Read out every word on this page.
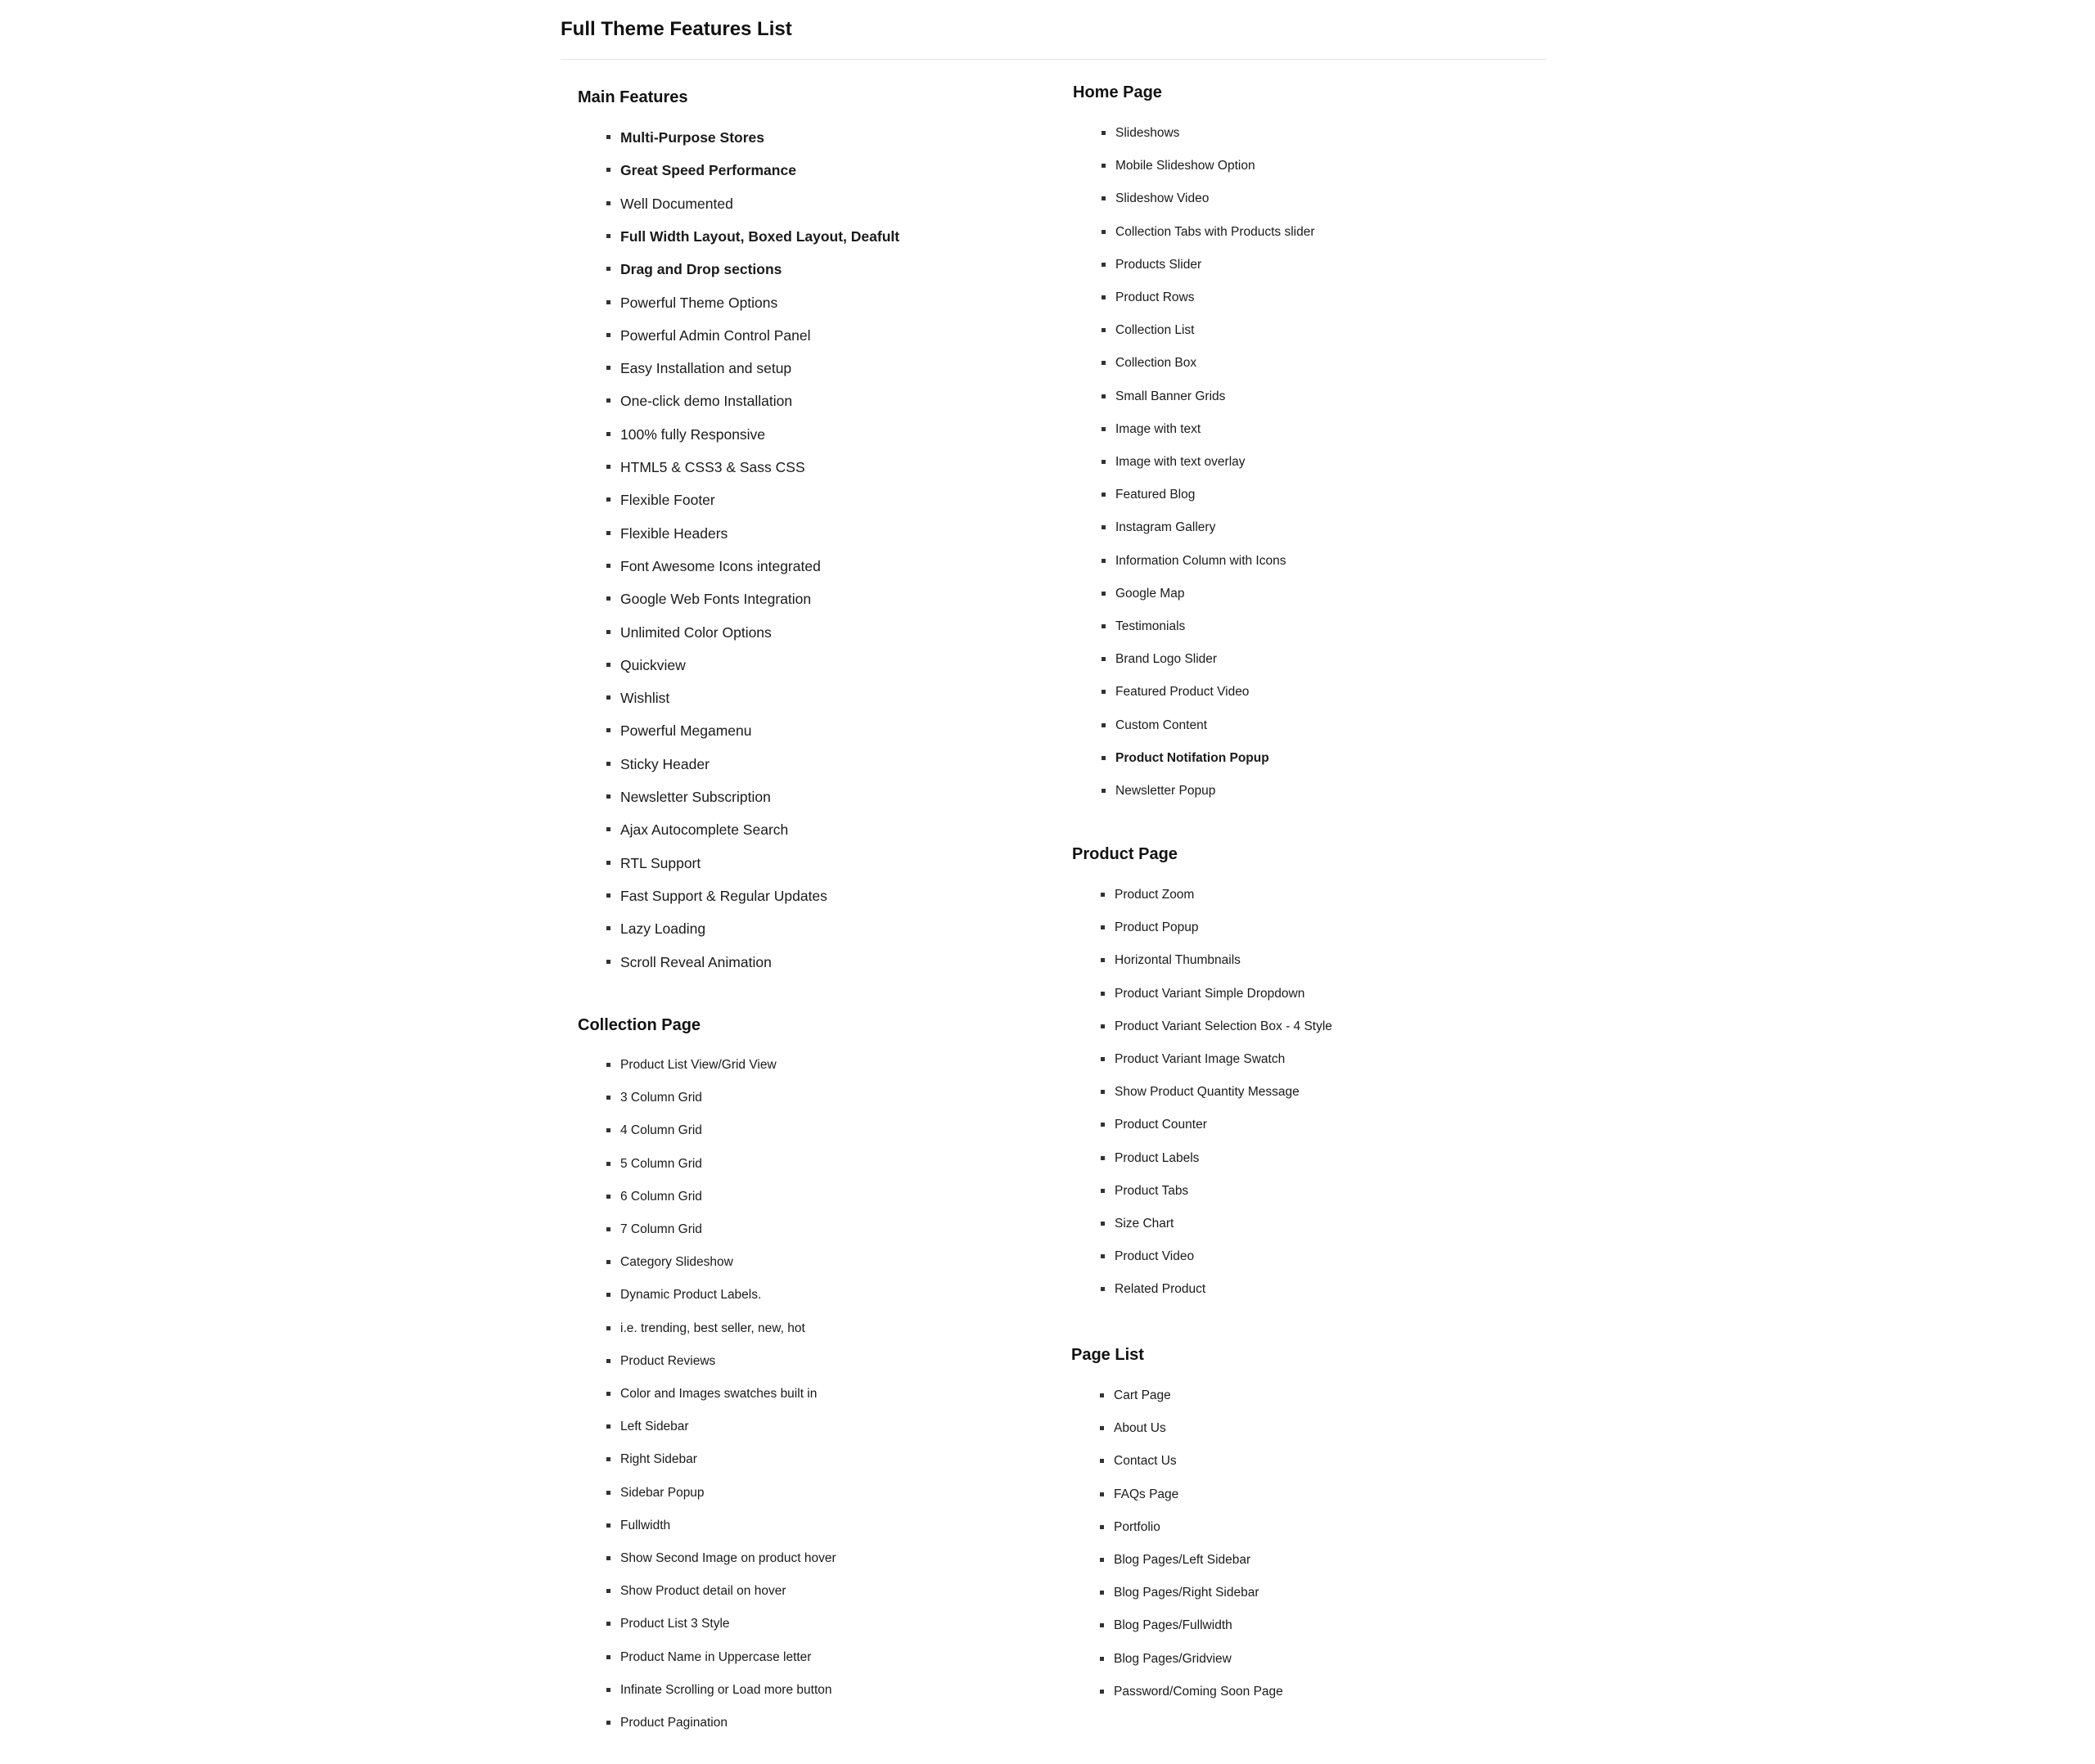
Full Theme Features List
Main Features
Multi-Purpose Stores
Great Speed Performance
Well Documented
Full Width Layout, Boxed Layout, Deafult
Drag and Drop sections
Powerful Theme Options
Powerful Admin Control Panel
Easy Installation and setup
One-click demo Installation
100% fully Responsive
HTML5 & CSS3 & Sass CSS
Flexible Footer
Flexible Headers
Font Awesome Icons integrated
Google Web Fonts Integration
Unlimited Color Options
Quickview
Wishlist
Powerful Megamenu
Sticky Header
Newsletter Subscription
Ajax Autocomplete Search
RTL Support
Fast Support & Regular Updates
Lazy Loading
Scroll Reveal Animation
Collection Page
Product List View/Grid View
3 Column Grid
4 Column Grid
5 Column Grid
6 Column Grid
7 Column Grid
Category Slideshow
Dynamic Product Labels.
i.e. trending, best seller, new, hot
Product Reviews
Color and Images swatches built in
Left Sidebar
Right Sidebar
Sidebar Popup
Fullwidth
Show Second Image on product hover
Show Product detail on hover
Product List 3 Style
Product Name in Uppercase letter
Infinate Scrolling or Load more button
Product Pagination
Home Page
Slideshows
Mobile Slideshow Option
Slideshow Video
Collection Tabs with Products slider
Products Slider
Product Rows
Collection List
Collection Box
Small Banner Grids
Image with text
Image with text overlay
Featured Blog
Instagram Gallery
Information Column with Icons
Google Map
Testimonials
Brand Logo Slider
Featured Product Video
Custom Content
Product Notifation Popup
Newsletter Popup
Product Page
Product Zoom
Product Popup
Horizontal Thumbnails
Product Variant Simple Dropdown
Product Variant Selection Box - 4 Style
Product Variant Image Swatch
Show Product Quantity Message
Product Counter
Product Labels
Product Tabs
Size Chart
Product Video
Related Product
Page List
Cart Page
About Us
Contact Us
FAQs Page
Portfolio
Blog Pages/Left Sidebar
Blog Pages/Right Sidebar
Blog Pages/Fullwidth
Blog Pages/Gridview
Password/Coming Soon Page
